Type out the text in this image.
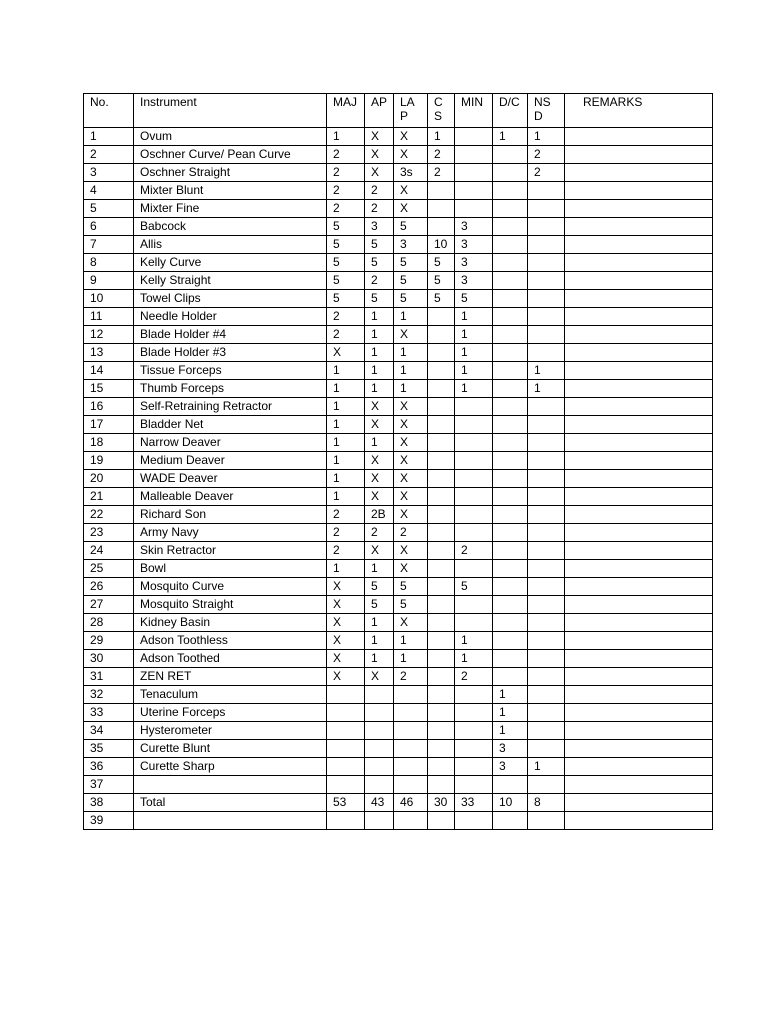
No.	Instrument	MAJ	AP	LAP	CS	MIN	D/C	NSD	REMARKS
1	Ovum	1	X	X	1		1	1	
2	Oschner Curve/ Pean Curve	2	X	X	2			2	
3	Oschner Straight	2	X	3s	2			2	
4	Mixter Blunt	2	2	X					
5	Mixter Fine	2	2	X					
6	Babcock	5	3	5		3			
7	Allis	5	5	3	10	3			
8	Kelly Curve	5	5	5	5	3			
9	Kelly Straight	5	2	5	5	3			
10	Towel Clips	5	5	5	5	5			
11	Needle Holder	2	1	1		1			
12	Blade Holder #4	2	1	X		1			
13	Blade Holder #3	X	1	1		1			
14	Tissue Forceps	1	1	1		1		1	
15	Thumb Forceps	1	1	1		1		1	
16	Self-Retraining Retractor	1	X	X					
17	Bladder Net	1	X	X					
18	Narrow Deaver	1	1	X					
19	Medium Deaver	1	X	X					
20	WADE Deaver	1	X	X					
21	Malleable Deaver	1	X	X					
22	Richard Son	2	2B	X					
23	Army Navy	2	2	2					
24	Skin Retractor	2	X	X		2			
25	Bowl	1	1	X					
26	Mosquito Curve	X	5	5		5			
27	Mosquito Straight	X	5	5					
28	Kidney Basin	X	1	X					
29	Adson Toothless	X	1	1		1			
30	Adson Toothed	X	1	1		1			
31	ZEN RET	X	X	2		2			
32	Tenaculum						1		
33	Uterine Forceps						1		
34	Hysterometer						1		
35	Curette Blunt						3		
36	Curette Sharp						3	1	
37									
38	Total	53	43	46	30	33	10	8	
39									
